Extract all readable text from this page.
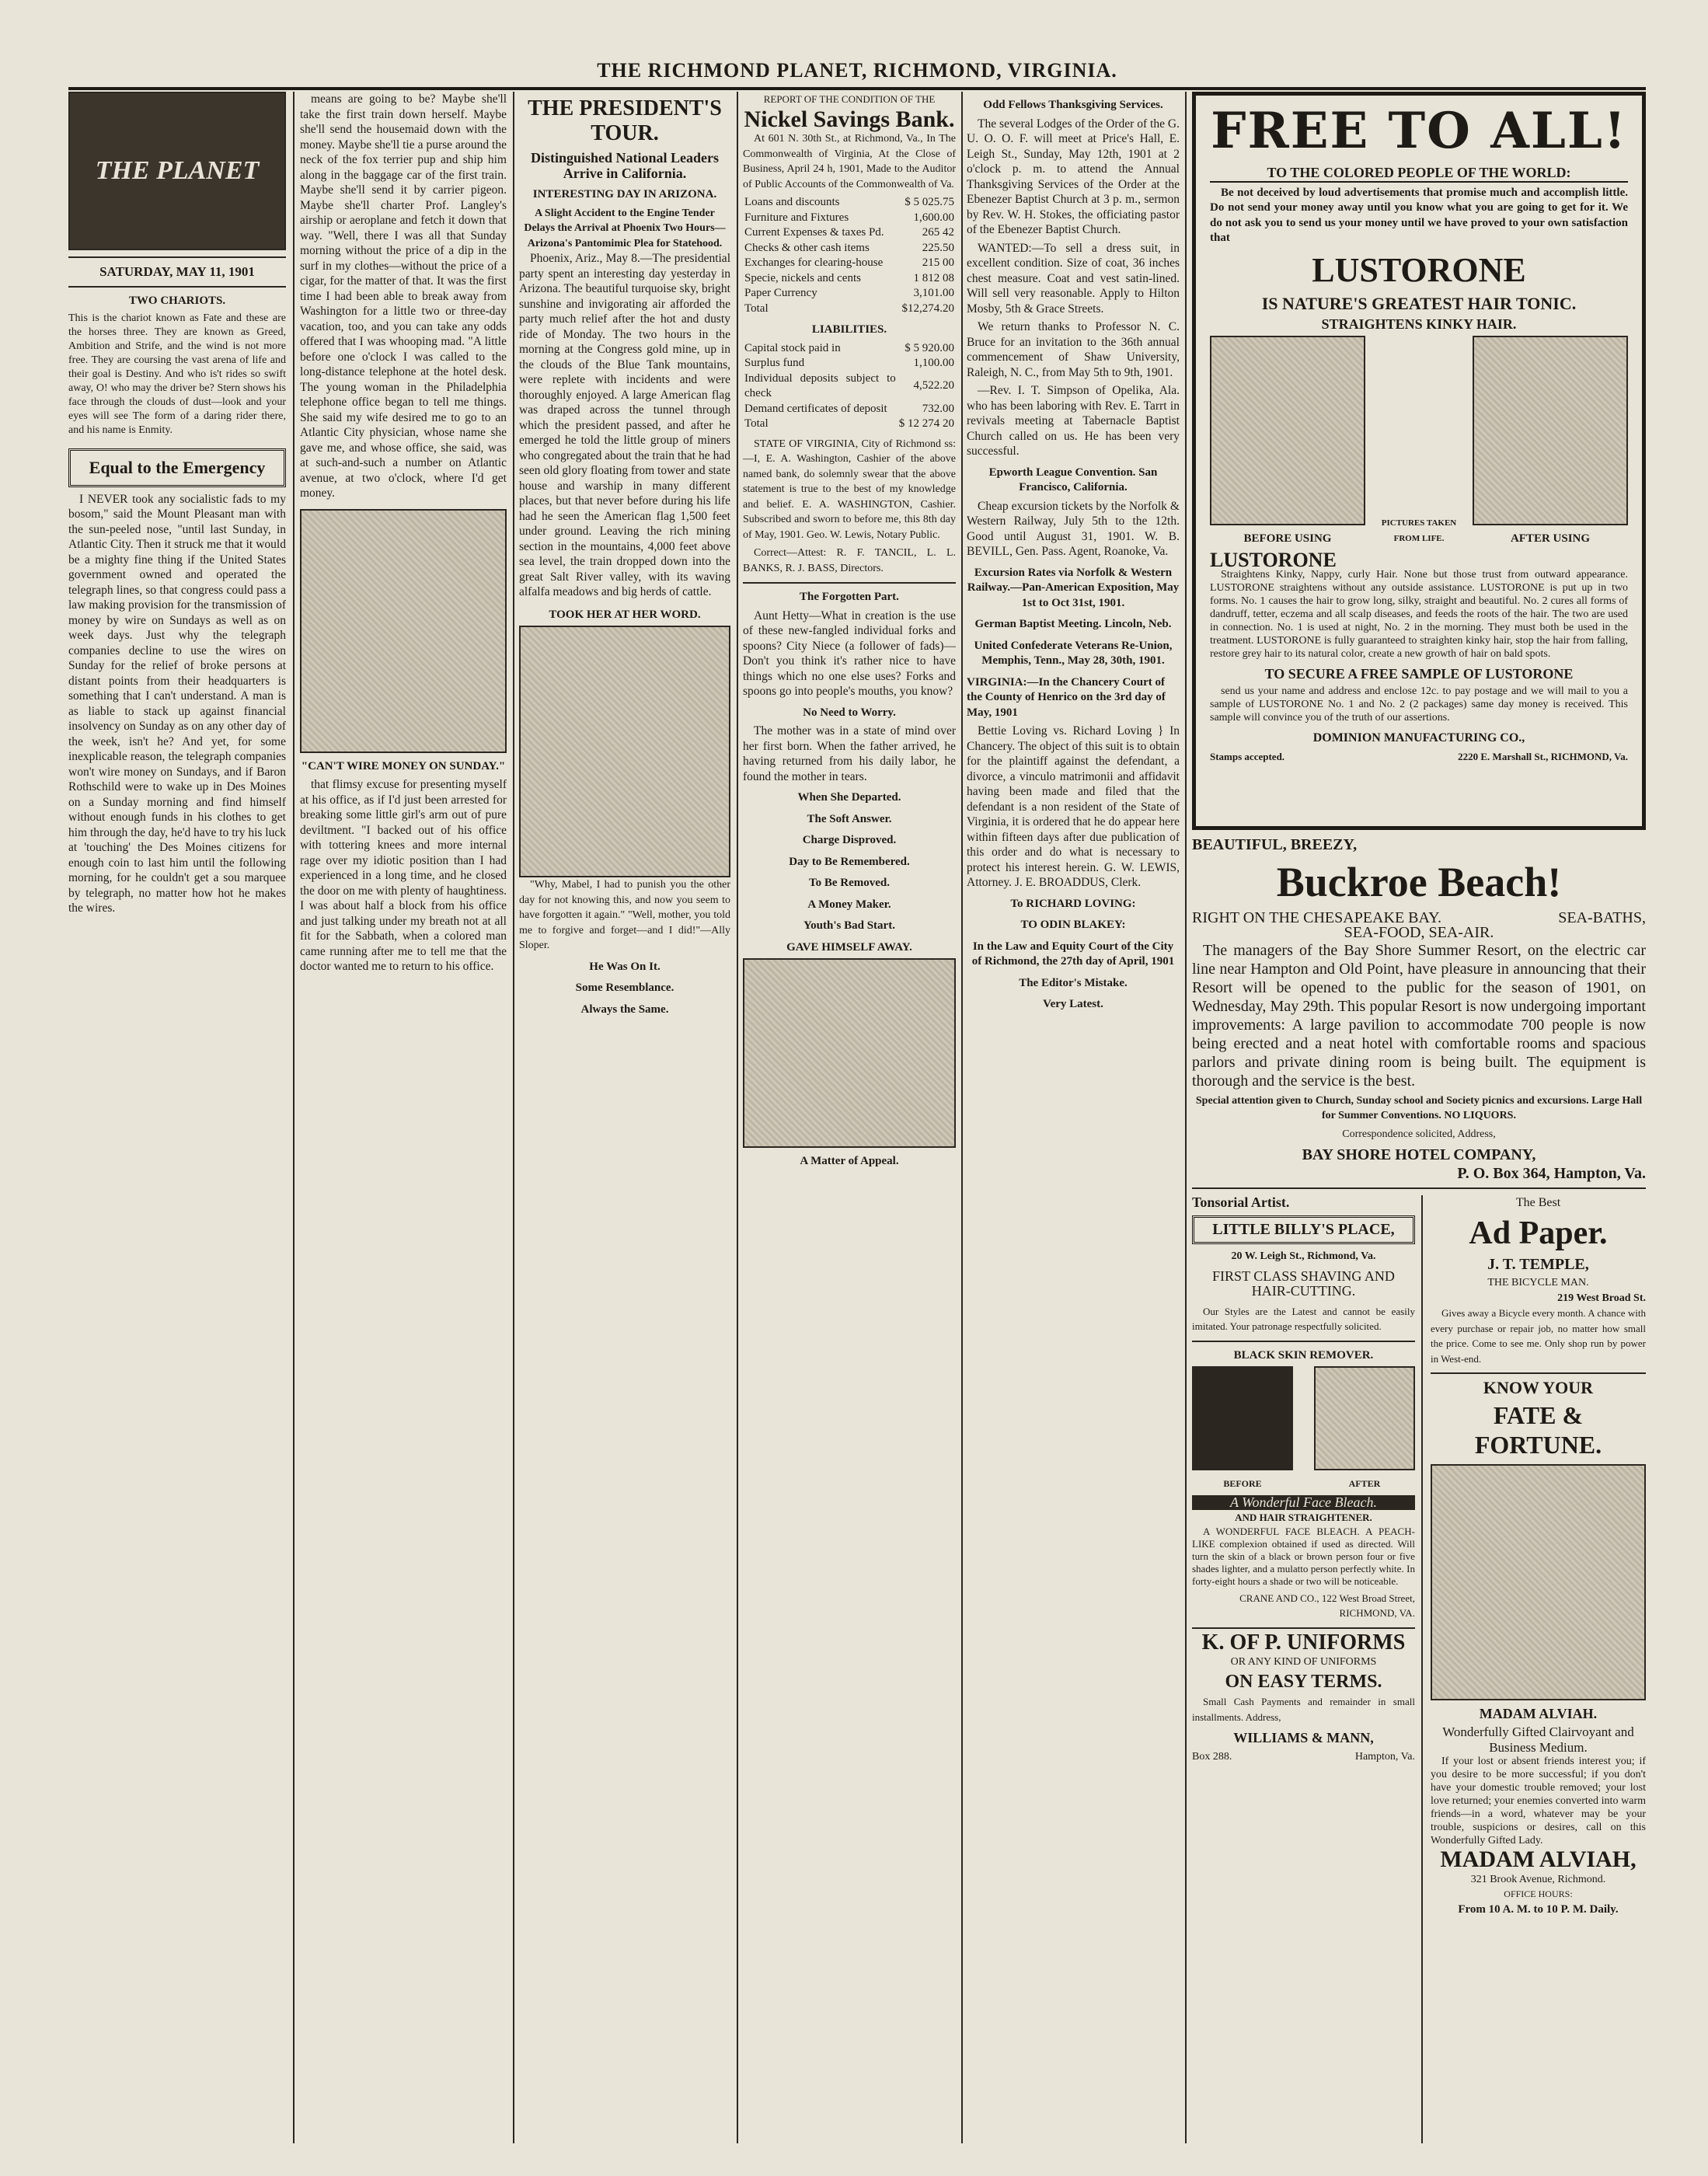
THE RICHMOND PLANET, RICHMOND, VIRGINIA.
THE PLANET
SATURDAY, MAY 11, 1901
TWO CHARIOTS.

This is the chariot known as Fate and these are the horses three. They are known as Greed, Ambition and Strife, and the wind is not more free. They are coursing the vast arena of life and their goal is Destiny. And who is't rides so swift away, O! who may the driver be? Stern shows his face through the clouds of dust—look and your eyes will see The form of a daring rider there, and his name is Enmity.

Equal to the Emergency

I NEVER took any socialistic fads to my bosom," said the Mount Pleasant man with the sun-peeled nose, "until last Sunday, in Atlantic City. Then it struck me that it would be a mighty fine thing if the United States government owned and operated the telegraph lines, so that congress could pass a law making provision for the transmission of money by wire on Sundays as well as on week days. Just why the telegraph companies decline to use the wires on Sunday for the relief of broke persons at distant points from their headquarters is something that I can't understand. A man is as liable to stack up against financial insolvency on Sunday as on any other day of the week, isn't he? And yet, for some inexplicable reason, the telegraph companies won't wire money on Sundays, and if Baron Rothschild were to wake up in Des Moines on a Sunday morning and find himself without enough funds in his clothes to get him through the day, he'd have to try his luck at 'touching' the Des Moines citizens for enough coin to last him until the following morning, for he couldn't get a sou marquee by telegraph, no matter how hot he makes the wires.

means are going to be? Maybe she'll take the first train down herself. Maybe she'll send the housemaid down with the money. Maybe she'll tie a purse around the neck of the fox terrier pup and ship him along in the baggage car of the first train. Maybe she'll send it by carrier pigeon. Maybe she'll charter Prof. Langley's airship or aeroplane and fetch it down that way. "Well, there I was all that Sunday morning without the price of a dip in the surf in my clothes—without the price of a cigar, for the matter of that. It was the first time I had been able to break away from Washington for a little two or three-day vacation, too, and you can take any odds offered that I was whooping mad. "A little before one o'clock I was called to the long-distance telephone at the hotel desk. The young woman in the Philadelphia telephone office began to tell me things. She said my wife desired me to go to an Atlantic City physician, whose name she gave me, and whose office, she said, was at such-and-such a number on Atlantic avenue, at two o'clock, where I'd get money.

"CAN'T WIRE MONEY ON SUNDAY."

that flimsy excuse for presenting myself at his office, as if I'd just been arrested for breaking some little girl's arm out of pure deviltment. "I backed out of his office with tottering knees and more internal rage over my idiotic position than I had experienced in a long time, and he closed the door on me with plenty of haughtiness. I was about half a block from his office and just talking under my breath not at all fit for the Sabbath, when a colored man came running after me to tell me that the doctor wanted me to return to his office.

THE PRESIDENT'S TOUR.
Distinguished National Leaders Arrive in California.
INTERESTING DAY IN ARIZONA.
A Slight Accident to the Engine Tender Delays the Arrival at Phoenix Two Hours—Arizona's Pantomimic Plea for Statehood.

Phoenix, Ariz., May 8.—The presidential party spent an interesting day yesterday in Arizona. The beautiful turquoise sky, bright sunshine and invigorating air afforded the party much relief after the hot and dusty ride of Monday. The two hours in the morning at the Congress gold mine, up in the clouds of the Blue Tank mountains, were replete with incidents and were thoroughly enjoyed. A large American flag was draped across the tunnel through which the president passed, and after he emerged he told the little group of miners who congregated about the train that he had seen old glory floating from tower and state house and warship in many different places, but that never before during his life had he seen the American flag 1,500 feet under ground. Leaving the rich mining section in the mountains, 4,000 feet above sea level, the train dropped down into the great Salt River valley, with its waving alfalfa meadows and big herds of cattle.

TOOK HER AT HER WORD.

"Why, Mabel, I had to punish you the other day for not knowing this, and now you seem to have forgotten it again." "Well, mother, you told me to forgive and forget—and I did!"—Ally Sloper.

He Was On It.
Some Resemblance.
Always the Same.
REPORT OF THE CONDITION OF THE
Nickel Savings Bank.

At 601 N. 30th St., at Richmond, Va., In The Commonwealth of Virginia, At the Close of Business, April 24 h, 1901, Made to the Auditor of Public Accounts of the Commonwealth of Va.

Loans and discounts	$ 5 025.75
Furniture and Fixtures	1,600.00
Current Expenses & taxes Pd.	265 42
Checks & other cash items	225.50
Exchanges for clearing-house	215 00
Specie, nickels and cents	1 812 08
Paper Currency	3,101.00
Total	$12,274.20
LIABILITIES.
Capital stock paid in	$ 5 920.00
Surplus fund	1,100.00
Individual deposits subject to check	4,522.20
Demand certificates of deposit	732.00
Total	$ 12 274 20

STATE OF VIRGINIA, City of Richmond ss:—I, E. A. Washington, Cashier of the above named bank, do solemnly swear that the above statement is true to the best of my knowledge and belief. E. A. WASHINGTON, Cashier. Subscribed and sworn to before me, this 8th day of May, 1901. Geo. W. Lewis, Notary Public.

Correct—Attest: R. F. TANCIL, L. L. BANKS, R. J. BASS, Directors.

The Forgotten Part.

Aunt Hetty—What in creation is the use of these new-fangled individual forks and spoons? City Niece (a follower of fads)—Don't you think it's rather nice to have things which no one else uses? Forks and spoons go into people's mouths, you know?

No Need to Worry.

The mother was in a state of mind over her first born. When the father arrived, he having returned from his daily labor, he found the mother in tears.

When She Departed.
The Soft Answer.
Charge Disproved.
Day to Be Remembered.
To Be Removed.
A Money Maker.
Youth's Bad Start.
GAVE HIMSELF AWAY.
A Matter of Appeal.
Odd Fellows Thanksgiving Services.

The several Lodges of the Order of the G. U. O. O. F. will meet at Price's Hall, E. Leigh St., Sunday, May 12th, 1901 at 2 o'clock p. m. to attend the Annual Thanksgiving Services of the Order at the Ebenezer Baptist Church at 3 p. m., sermon by Rev. W. H. Stokes, the officiating pastor of the Ebenezer Baptist Church.

WANTED:—To sell a dress suit, in excellent condition. Size of coat, 36 inches chest measure. Coat and vest satin-lined. Will sell very reasonable. Apply to Hilton Mosby, 5th & Grace Streets.

We return thanks to Professor N. C. Bruce for an invitation to the 36th annual commencement of Shaw University, Raleigh, N. C., from May 5th to 9th, 1901.

—Rev. I. T. Simpson of Opelika, Ala. who has been laboring with Rev. E. Tarrt in revivals meeting at Tabernacle Baptist Church called on us. He has been very successful.

Epworth League Convention. San Francisco, California.

Cheap excursion tickets by the Norfolk & Western Railway, July 5th to the 12th. Good until August 31, 1901. W. B. BEVILL, Gen. Pass. Agent, Roanoke, Va.

Excursion Rates via Norfolk & Western Railway.—Pan-American Exposition, May 1st to Oct 31st, 1901.
German Baptist Meeting. Lincoln, Neb.
United Confederate Veterans Re-Union, Memphis, Tenn., May 28, 30th, 1901.
VIRGINIA:—In the Chancery Court of the County of Henrico on the 3rd day of May, 1901

Bettie Loving vs. Richard Loving } In Chancery. The object of this suit is to obtain for the plaintiff against the defendant, a divorce, a vinculo matrimonii and affidavit having been made and filed that the defendant is a non resident of the State of Virginia, it is ordered that he do appear here within fifteen days after due publication of this order and do what is necessary to protect his interest herein. G. W. LEWIS, Attorney. J. E. BROADDUS, Clerk.

To RICHARD LOVING:
TO ODIN BLAKEY:
In the Law and Equity Court of the City of Richmond, the 27th day of April, 1901
The Editor's Mistake.
Very Latest.
FREE TO ALL!
TO THE COLORED PEOPLE OF THE WORLD:

Be not deceived by loud advertisements that promise much and accomplish little. Do not send your money away until you know what you are going to get for it. We do not ask you to send us your money until we have proved to your own satisfaction that

LUSTORONE
IS NATURE'S GREATEST HAIR TONIC.
STRAIGHTENS KINKY HAIR.
BEFORE USING
PICTURES TAKEN FROM LIFE.	AFTER USING
LUSTORONE

Straightens Kinky, Nappy, curly Hair. None but those trust from outward appearance. LUSTORONE straightens without any outside assistance. LUSTORONE is put up in two forms. No. 1 causes the hair to grow long, silky, straight and beautiful. No. 2 cures all forms of dandruff, tetter, eczema and all scalp diseases, and feeds the roots of the hair. The two are used in connection. No. 1 is used at night, No. 2 in the morning. They must both be used in the treatment. LUSTORONE is fully guaranteed to straighten kinky hair, stop the hair from falling, restore grey hair to its natural color, create a new growth of hair on bald spots.

TO SECURE A FREE SAMPLE OF LUSTORONE

send us your name and address and enclose 12c. to pay postage and we will mail to you a sample of LUSTORONE No. 1 and No. 2 (2 packages) same day money is received. This sample will convince you of the truth of our assertions.

DOMINION MANUFACTURING CO.,
Stamps accepted.	2220 E. Marshall St., RICHMOND, Va.
BEAUTIFUL, BREEZY,
Buckroe Beach!
RIGHT ON THE CHESAPEAKE BAY.	SEA-BATHS,
SEA-FOOD, SEA-AIR.

The managers of the Bay Shore Summer Resort, on the electric car line near Hampton and Old Point, have pleasure in announcing that their Resort will be opened to the public for the season of 1901, on Wednesday, May 29th. This popular Resort is now undergoing important improvements: A large pavilion to accommodate 700 people is now being erected and a neat hotel with comfortable rooms and spacious parlors and private dining room is being built. The equipment is thorough and the service is the best.

Special attention given to Church, Sunday school and Society picnics and excursions. Large Hall for Summer Conventions. NO LIQUORS.

Correspondence solicited, Address,

BAY SHORE HOTEL COMPANY,
P. O. Box 364, Hampton, Va.
Tonsorial Artist.
LITTLE BILLY'S PLACE,
20 W. Leigh St., Richmond, Va.
FIRST CLASS SHAVING AND HAIR-CUTTING.

Our Styles are the Latest and cannot be easily imitated. Your patronage respectfully solicited.

BLACK SKIN REMOVER.
BEFORE	AFTER
A Wonderful Face Bleach.
AND HAIR STRAIGHTENER.

A WONDERFUL FACE BLEACH. A PEACH-LIKE complexion obtained if used as directed. Will turn the skin of a black or brown person four or five shades lighter, and a mulatto person perfectly white. In forty-eight hours a shade or two will be noticeable.

CRANE AND CO., 122 West Broad Street, RICHMOND, VA.

K. OF P. UNIFORMS
OR ANY KIND OF UNIFORMS
ON EASY TERMS.

Small Cash Payments and remainder in small installments. Address,

WILLIAMS & MANN,
Box 288.	Hampton, Va.
The Best
Ad Paper.
J. T. TEMPLE,
THE BICYCLE MAN.
219 West Broad St.

Gives away a Bicycle every month. A chance with every purchase or repair job, no matter how small the price. Come to see me. Only shop run by power in West-end.

KNOW YOUR
FATE & FORTUNE.
MADAM ALVIAH.
Wonderfully Gifted Clairvoyant and Business Medium.

If your lost or absent friends interest you; if you desire to be more successful; if you don't have your domestic trouble removed; your lost love returned; your enemies converted into warm friends—in a word, whatever may be your trouble, suspicions or desires, call on this Wonderfully Gifted Lady.

MADAM ALVIAH,
321 Brook Avenue, Richmond.
OFFICE HOURS:
From 10 A. M. to 10 P. M. Daily.
